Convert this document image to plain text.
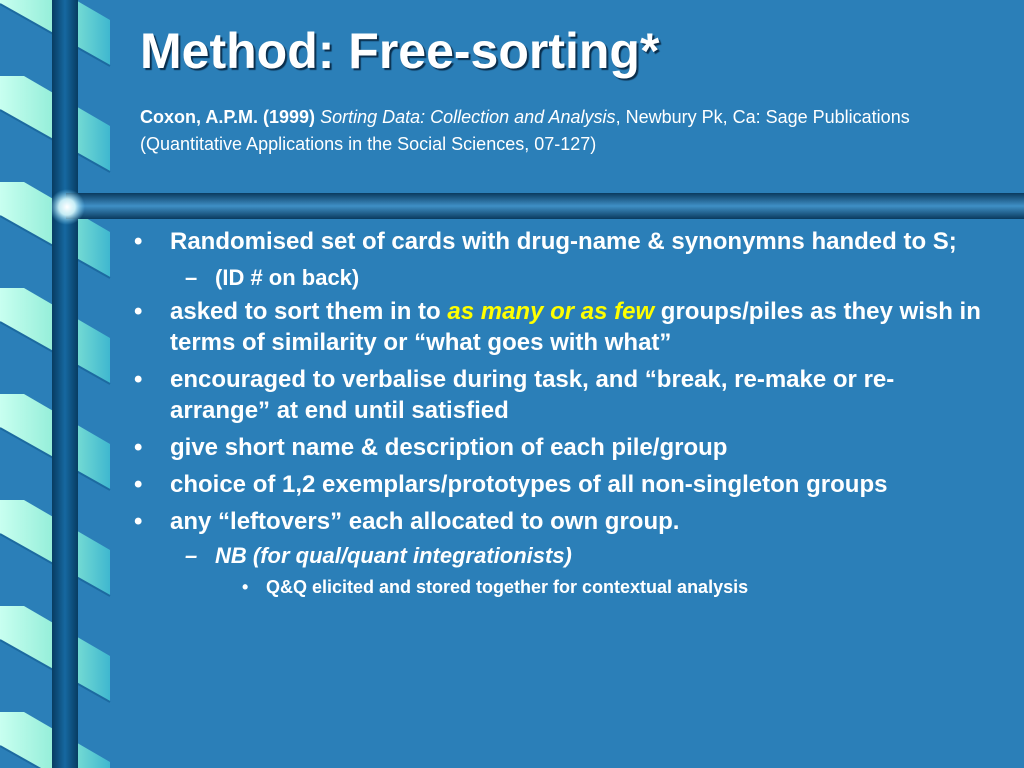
Method: Free-sorting*
Coxon, A.P.M. (1999) Sorting Data: Collection and Analysis, Newbury Pk, Ca: Sage Publications (Quantitative Applications in the Social Sciences, 07-127)
• Randomised set of cards with drug-name & synonymns handed to S;
– (ID # on back)
• asked to sort them in to as many or as few groups/piles as they wish in terms of similarity or “what goes with what”
• encouraged to verbalise during task, and “break, re-make or re-arrange” at end until satisfied
• give short name & description of each pile/group
• choice of 1,2 exemplars/prototypes of all non-singleton groups
• any “leftovers” each allocated to own group.
– NB (for qual/quant integrationists)
• Q&Q elicited and stored together for contextual analysis
